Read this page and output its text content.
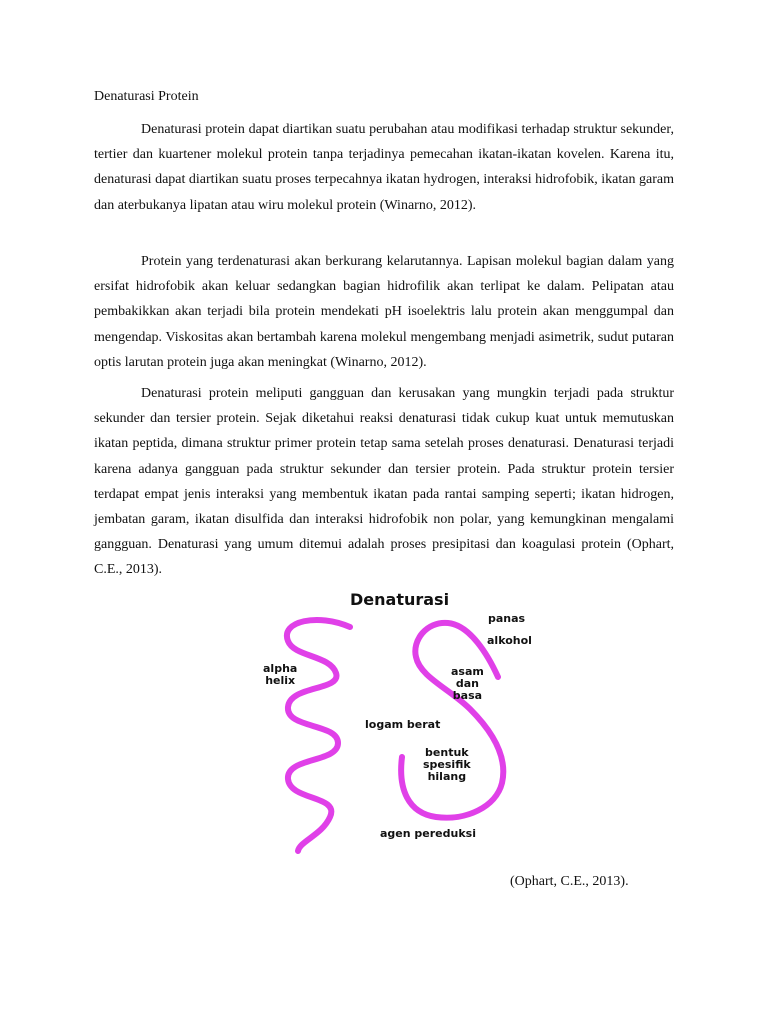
Denaturasi Protein

Denaturasi protein dapat diartikan suatu perubahan atau modifikasi terhadap struktur sekunder, tertier dan kuartener molekul protein tanpa terjadinya pemecahan ikatan-ikatan kovelen. Karena itu, denaturasi dapat diartikan suatu proses terpecahnya ikatan hydrogen, interaksi hidrofobik, ikatan garam dan aterbukanya lipatan atau wiru molekul protein (Winarno, 2012).

Protein yang terdenaturasi akan berkurang kelarutannya. Lapisan molekul bagian dalam yang ersifat hidrofobik akan keluar sedangkan bagian hidrofilik akan terlipat ke dalam. Pelipatan atau pembakikkan akan terjadi bila protein mendekati pH isoelektris lalu protein akan menggumpal dan mengendap. Viskositas akan bertambah karena molekul mengembang menjadi asimetrik, sudut putaran optis larutan protein juga akan meningkat (Winarno, 2012).

Denaturasi protein meliputi gangguan dan kerusakan yang mungkin terjadi pada struktur sekunder dan tersier protein. Sejak diketahui reaksi denaturasi tidak cukup kuat untuk memutuskan ikatan peptida, dimana struktur primer protein tetap sama setelah proses denaturasi. Denaturasi terjadi karena adanya gangguan pada struktur sekunder dan tersier protein. Pada struktur protein tersier terdapat empat jenis interaksi yang membentuk ikatan pada rantai samping seperti; ikatan hidrogen, jembatan garam, ikatan disulfida dan interaksi hidrofobik non polar, yang kemungkinan mengalami gangguan. Denaturasi yang umum ditemui adalah proses presipitasi dan koagulasi protein (Ophart, C.E., 2013).

Denaturasi
alpha
helix
panas
alkohol
asam
dan
basa
logam berat
bentuk
spesifik
hilang
agen pereduksi
(Ophart, C.E., 2013).
